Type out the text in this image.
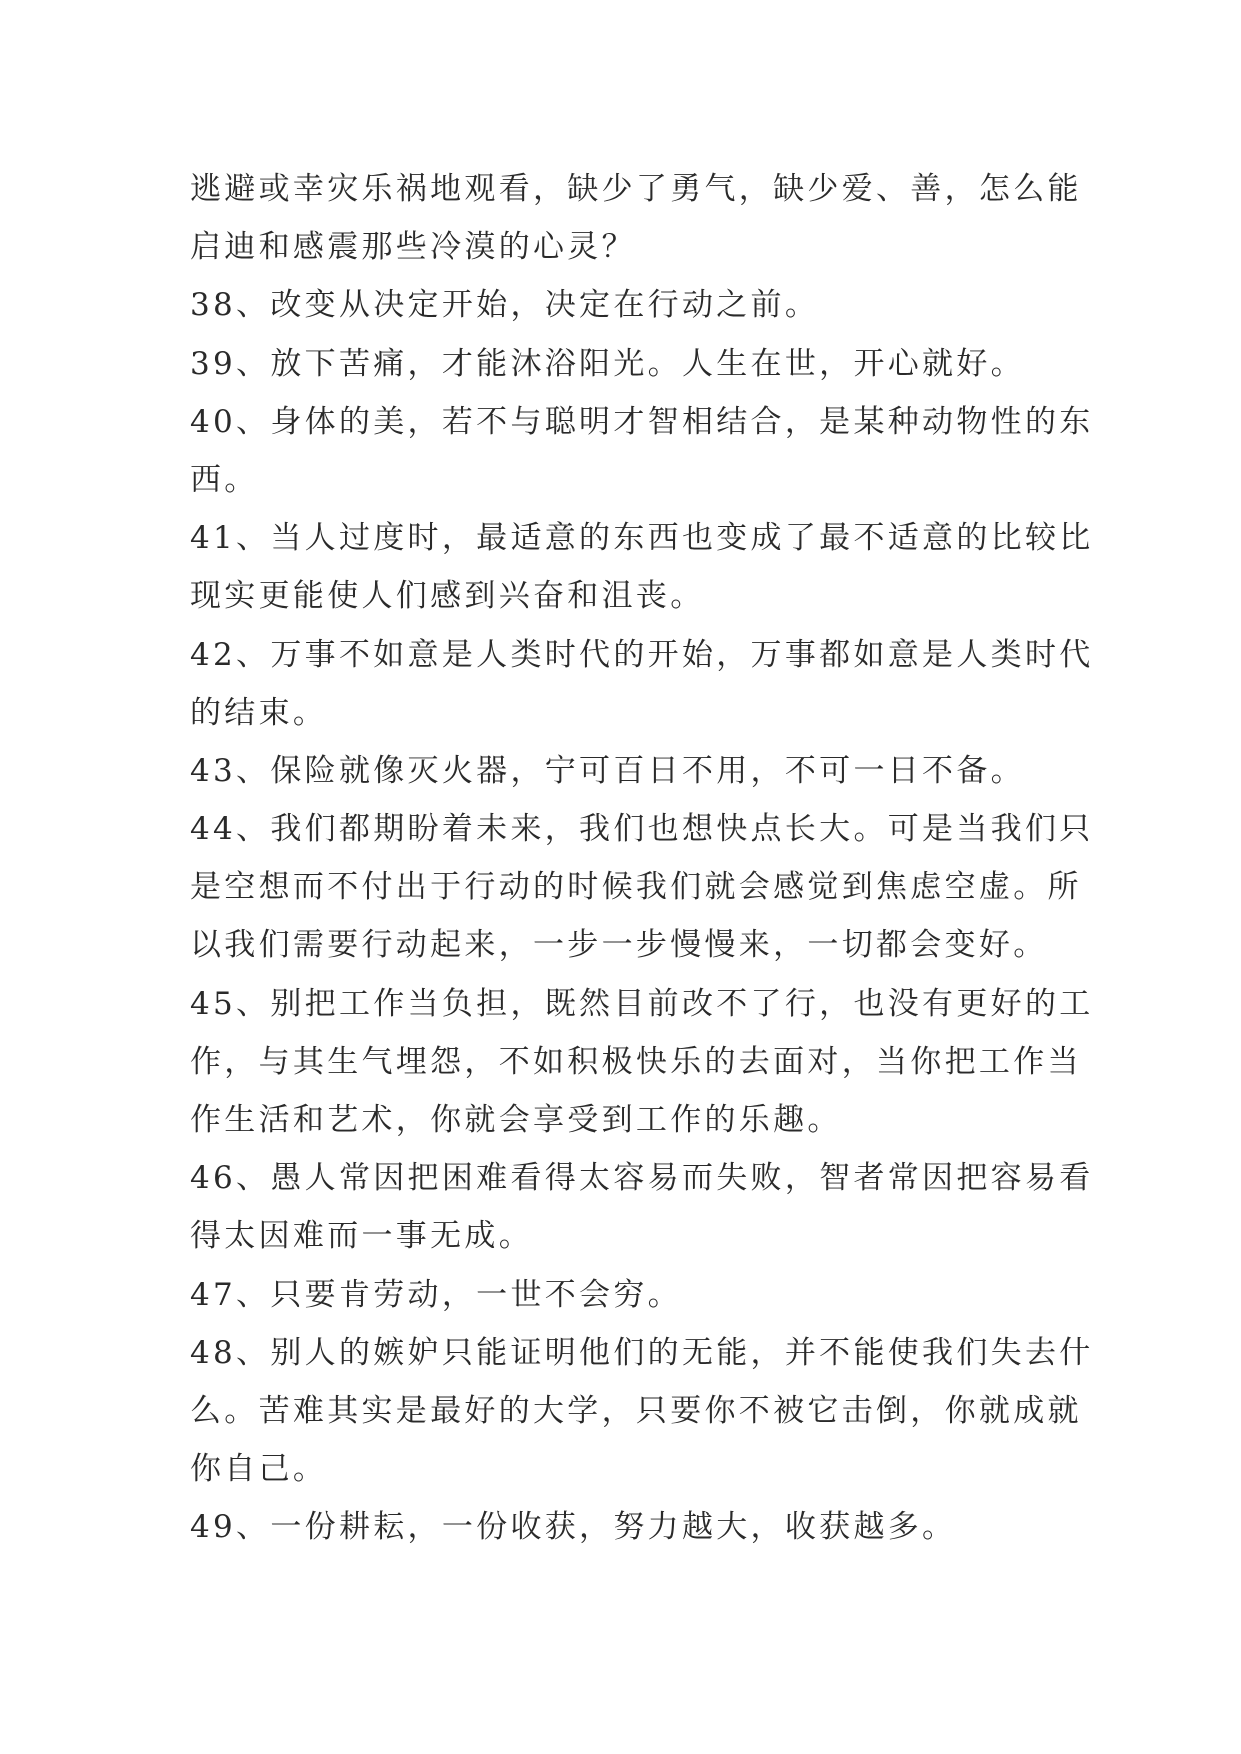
逃避或幸灾乐祸地观看，缺少了勇气，缺少爱、善，怎么能
启迪和感震那些冷漠的心灵？
38、改变从决定开始，决定在行动之前。
39、放下苦痛，才能沐浴阳光。人生在世，开心就好。
40、身体的美，若不与聪明才智相结合，是某种动物性的东
西。
41、当人过度时，最适意的东西也变成了最不适意的比较比
现实更能使人们感到兴奋和沮丧。
42、万事不如意是人类时代的开始，万事都如意是人类时代
的结束。
43、保险就像灭火器，宁可百日不用，不可一日不备。
44、我们都期盼着未来，我们也想快点长大。可是当我们只
是空想而不付出于行动的时候我们就会感觉到焦虑空虚。所
以我们需要行动起来，一步一步慢慢来，一切都会变好。
45、别把工作当负担，既然目前改不了行，也没有更好的工
作，与其生气埋怨，不如积极快乐的去面对，当你把工作当
作生活和艺术，你就会享受到工作的乐趣。
46、愚人常因把困难看得太容易而失败，智者常因把容易看
得太因难而一事无成。
47、只要肯劳动，一世不会穷。
48、别人的嫉妒只能证明他们的无能，并不能使我们失去什
么。苦难其实是最好的大学，只要你不被它击倒，你就成就
你自己。
49、一份耕耘，一份收获，努力越大，收获越多。
